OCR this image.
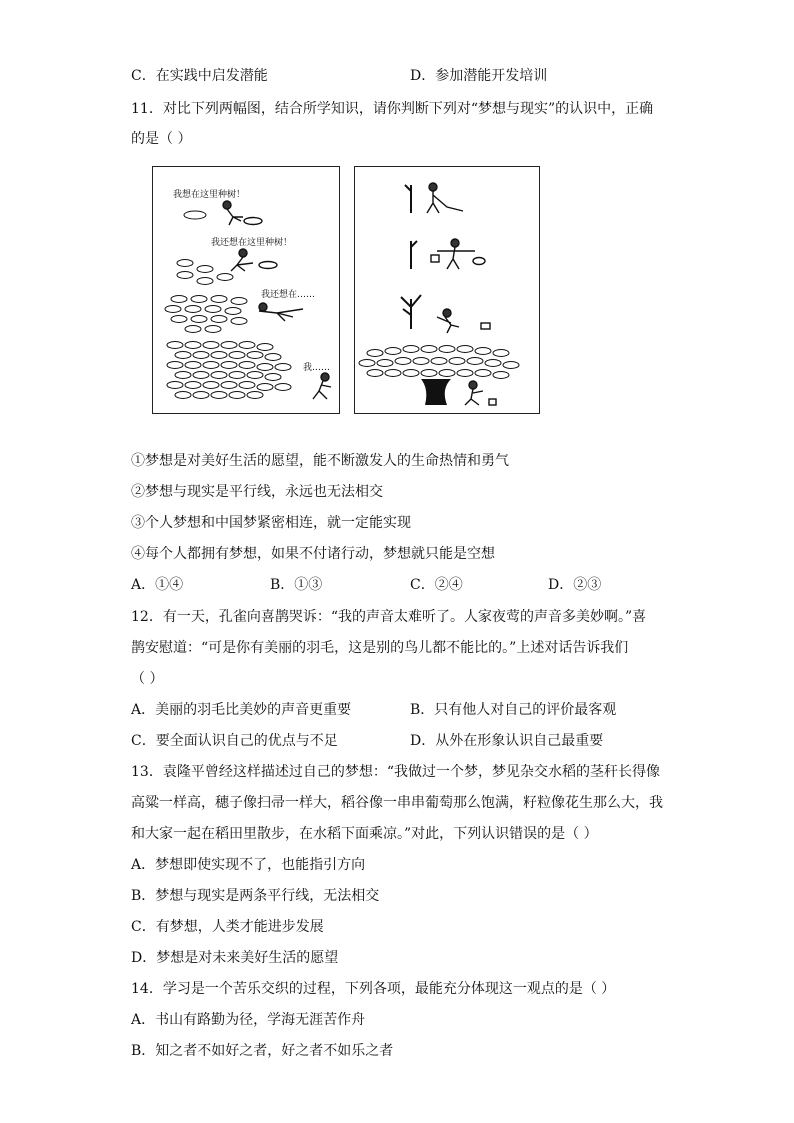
C．在实践中启发潜能	D．参加潜能开发培训
11．对比下列两幅图，结合所学知识，请你判断下列对“梦想与现实”的认识中，正确
的是（ ）
我想在这里种树！
我还想在这里种树！
我还想在……
我……
①梦想是对美好生活的愿望，能不断激发人的生命热情和勇气
②梦想与现实是平行线，永远也无法相交
③个人梦想和中国梦紧密相连，就一定能实现
④每个人都拥有梦想，如果不付诸行动，梦想就只能是空想
A．①④	B．①③	C．②④	D．②③
12．有一天，孔雀向喜鹊哭诉：“我的声音太难听了。人家夜莺的声音多美妙啊。”喜
鹊安慰道：“可是你有美丽的羽毛，这是别的鸟儿都不能比的。”上述对话告诉我们
（ ）
A．美丽的羽毛比美妙的声音更重要	B．只有他人对自己的评价最客观
C．要全面认识自己的优点与不足	D．从外在形象认识自己最重要
13．袁隆平曾经这样描述过自己的梦想：“我做过一个梦，梦见杂交水稻的茎秆长得像
高粱一样高，穗子像扫帚一样大，稻谷像一串串葡萄那么饱满，籽粒像花生那么大，我
和大家一起在稻田里散步，在水稻下面乘凉。”对此，下列认识错误的是（ ）
A．梦想即使实现不了，也能指引方向
B．梦想与现实是两条平行线，无法相交
C．有梦想，人类才能进步发展
D．梦想是对未来美好生活的愿望
14．学习是一个苦乐交织的过程，下列各项，最能充分体现这一观点的是（ ）
A．书山有路勤为径，学海无涯苦作舟
B．知之者不如好之者，好之者不如乐之者
